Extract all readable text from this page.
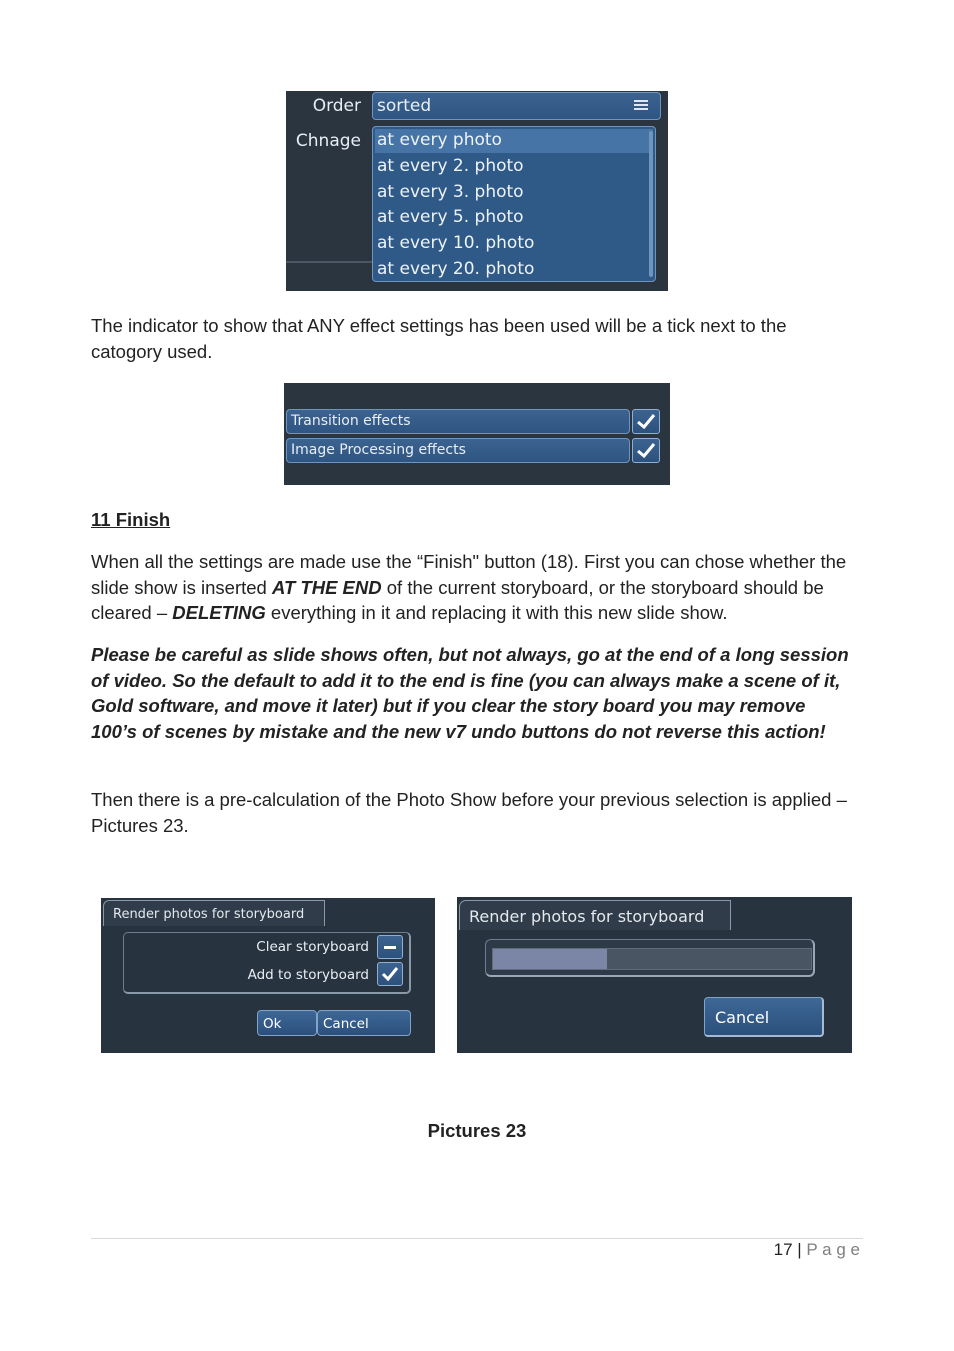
Order sorted
Chnage at every photo
at every 2. photo
at every 3. photo
at every 5. photo
at every 10. photo
at every 20. photo
The indicator to show that ANY effect settings has been used will be a tick next to the catogory used.
Transition effects
Image Processing effects
11 Finish
When all the settings are made use the “Finish" button (18). First you can chose whether the slide show is inserted AT THE END of the current storyboard, or the storyboard should be cleared – DELETING everything in it and replacing it with this new slide show.
Please be careful as slide shows often, but not always, go at the end of a long session of video. So the default to add it to the end is fine (you can always make a scene of it, Gold software, and move it later) but if you clear the story board you may remove 100’s of scenes by mistake and the new v7 undo buttons do not reverse this action!
Then there is a pre-calculation of the Photo Show before your previous selection is applied – Pictures 23.
Render photos for storyboard
Clear storyboard
Add to storyboard
Ok	Cancel
Render photos for storyboard
Cancel
Pictures 23
17 | P a g e
